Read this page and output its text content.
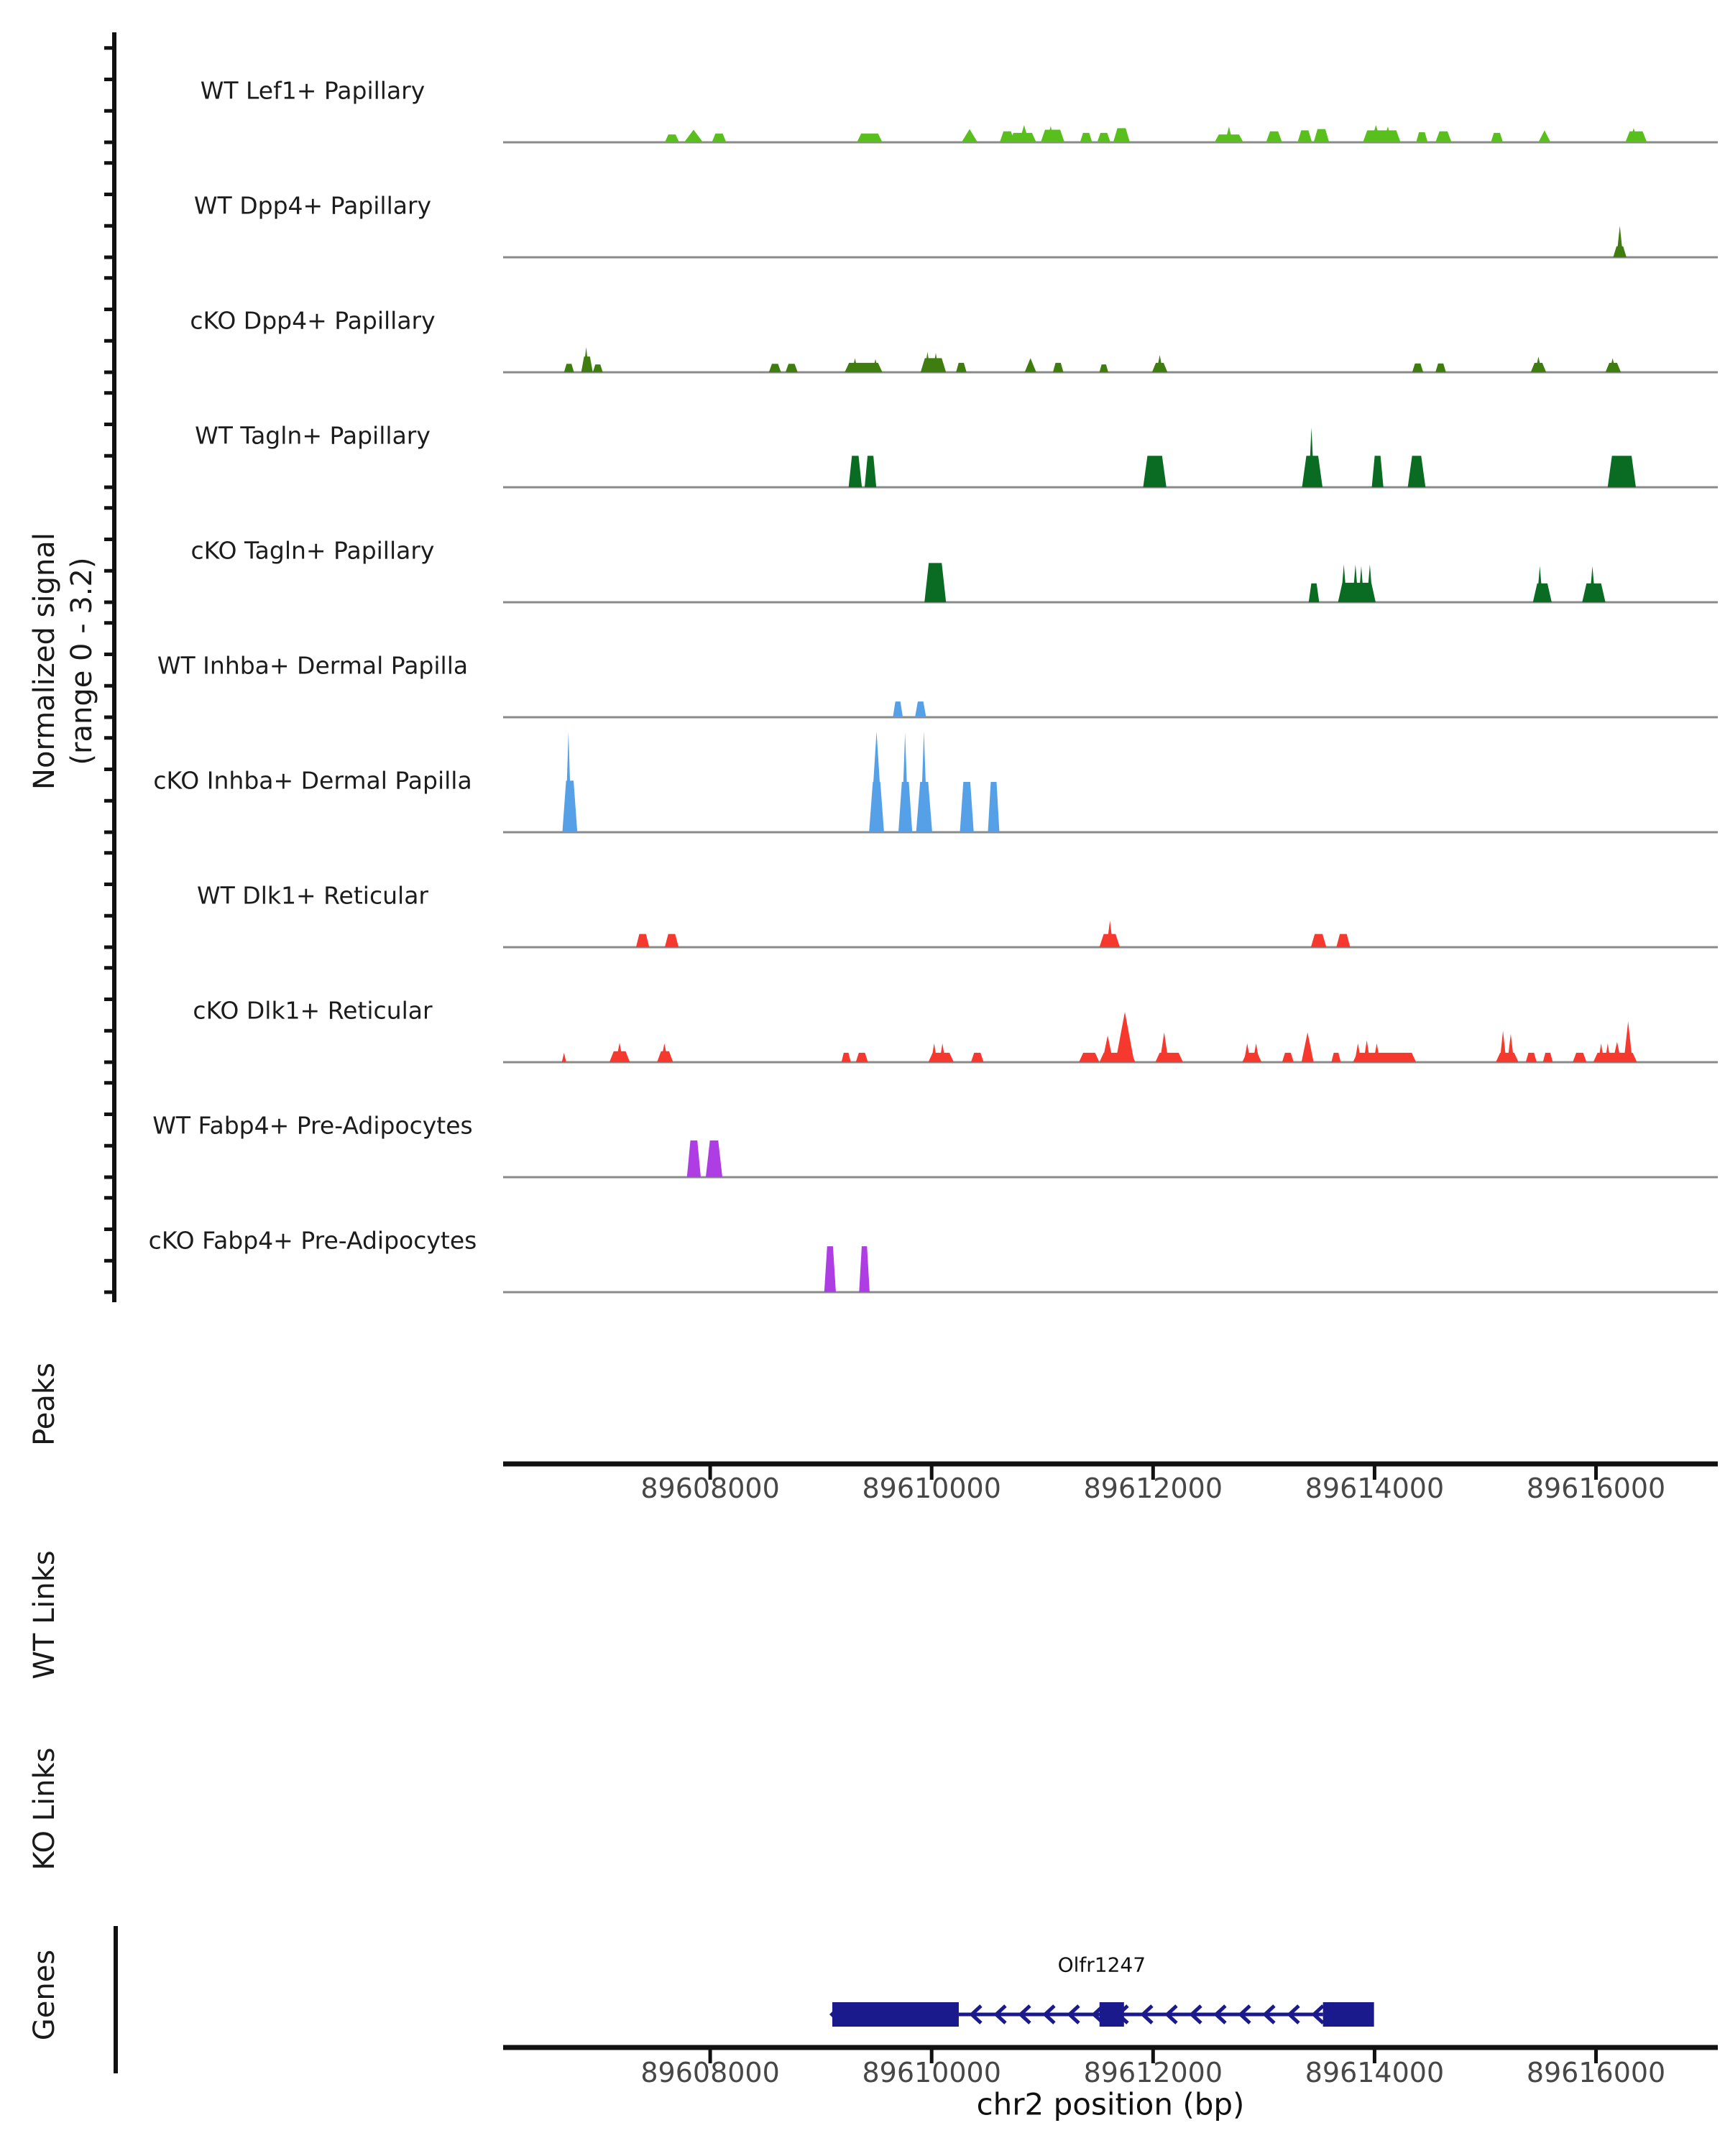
Normalized signal (range 0 - 3.2)
Peaks
WT Links
KO Links
Genes
chr2 position (bp)
WT Lef1+ Papillary
WT Dpp4+ Papillary
cKO Dpp4+ Papillary
WT Tagln+ Papillary
cKO Tagln+ Papillary
WT Inhba+ Dermal Papilla
cKO Inhba+ Dermal Papilla
WT Dlk1+ Reticular
cKO Dlk1+ Reticular
WT Fabp4+ Pre-Adipocytes
cKO Fabp4+ Pre-Adipocytes
89608000	89610000	89612000	89614000	89616000
89608000	89610000	89612000	89614000	89616000
Olfr1247
